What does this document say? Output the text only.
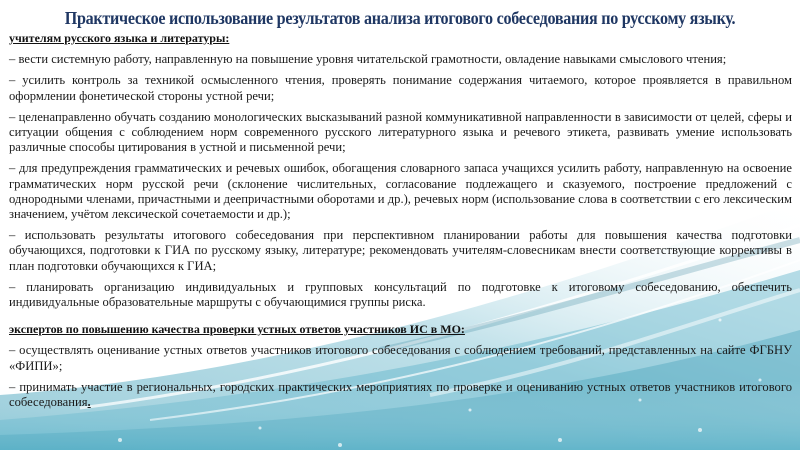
Практическое использование результатов анализа итогового собеседования по русскому языку.
учителям русского языка и литературы:

– вести системную работу, направленную на повышение уровня читательской грамотности, овладение навыками смыслового чтения;

– усилить контроль за техникой осмысленного чтения, проверять понимание содержания читаемого, которое проявляется в правильном оформлении фонетической стороны устной речи;

– целенаправленно обучать созданию монологических высказываний разной коммуникативной направленности в зависимости от целей, сферы и ситуации общения с соблюдением норм современного русского литературного языка и речевого этикета, развивать умение использовать различные способы цитирования в устной и письменной речи;

– для предупреждения грамматических и речевых ошибок, обогащения словарного запаса учащихся усилить работу, направленную на освоение грамматических норм русской речи (склонение числительных, согласование подлежащего и сказуемого, построение предложений с однородными членами, причастными и деепричастными оборотами и др.), речевых норм (использование слова в соответствии с его лексическим значением, учётом лексической сочетаемости и др.);

– использовать результаты итогового собеседования при перспективном планировании работы для повышения качества подготовки обучающихся, подготовки к ГИА по русскому языку, литературе; рекомендовать учителям-словесникам внести соответствующие коррективы в план подготовки обучающихся к ГИА;

– планировать организацию индивидуальных и групповых консультаций по подготовке к итоговому собеседованию, обеспечить индивидуальные образовательные маршруты с обучающимися группы риска.

экспертов по повышению качества проверки устных ответов участников ИС в МО:

– осуществлять оценивание устных ответов участников итогового собеседования с соблюдением требований, представленных на сайте ФГБНУ «ФИПИ»;

– принимать участие в региональных, городских практических мероприятиях по проверке и оцениванию устных ответов участников итогового собеседования.
